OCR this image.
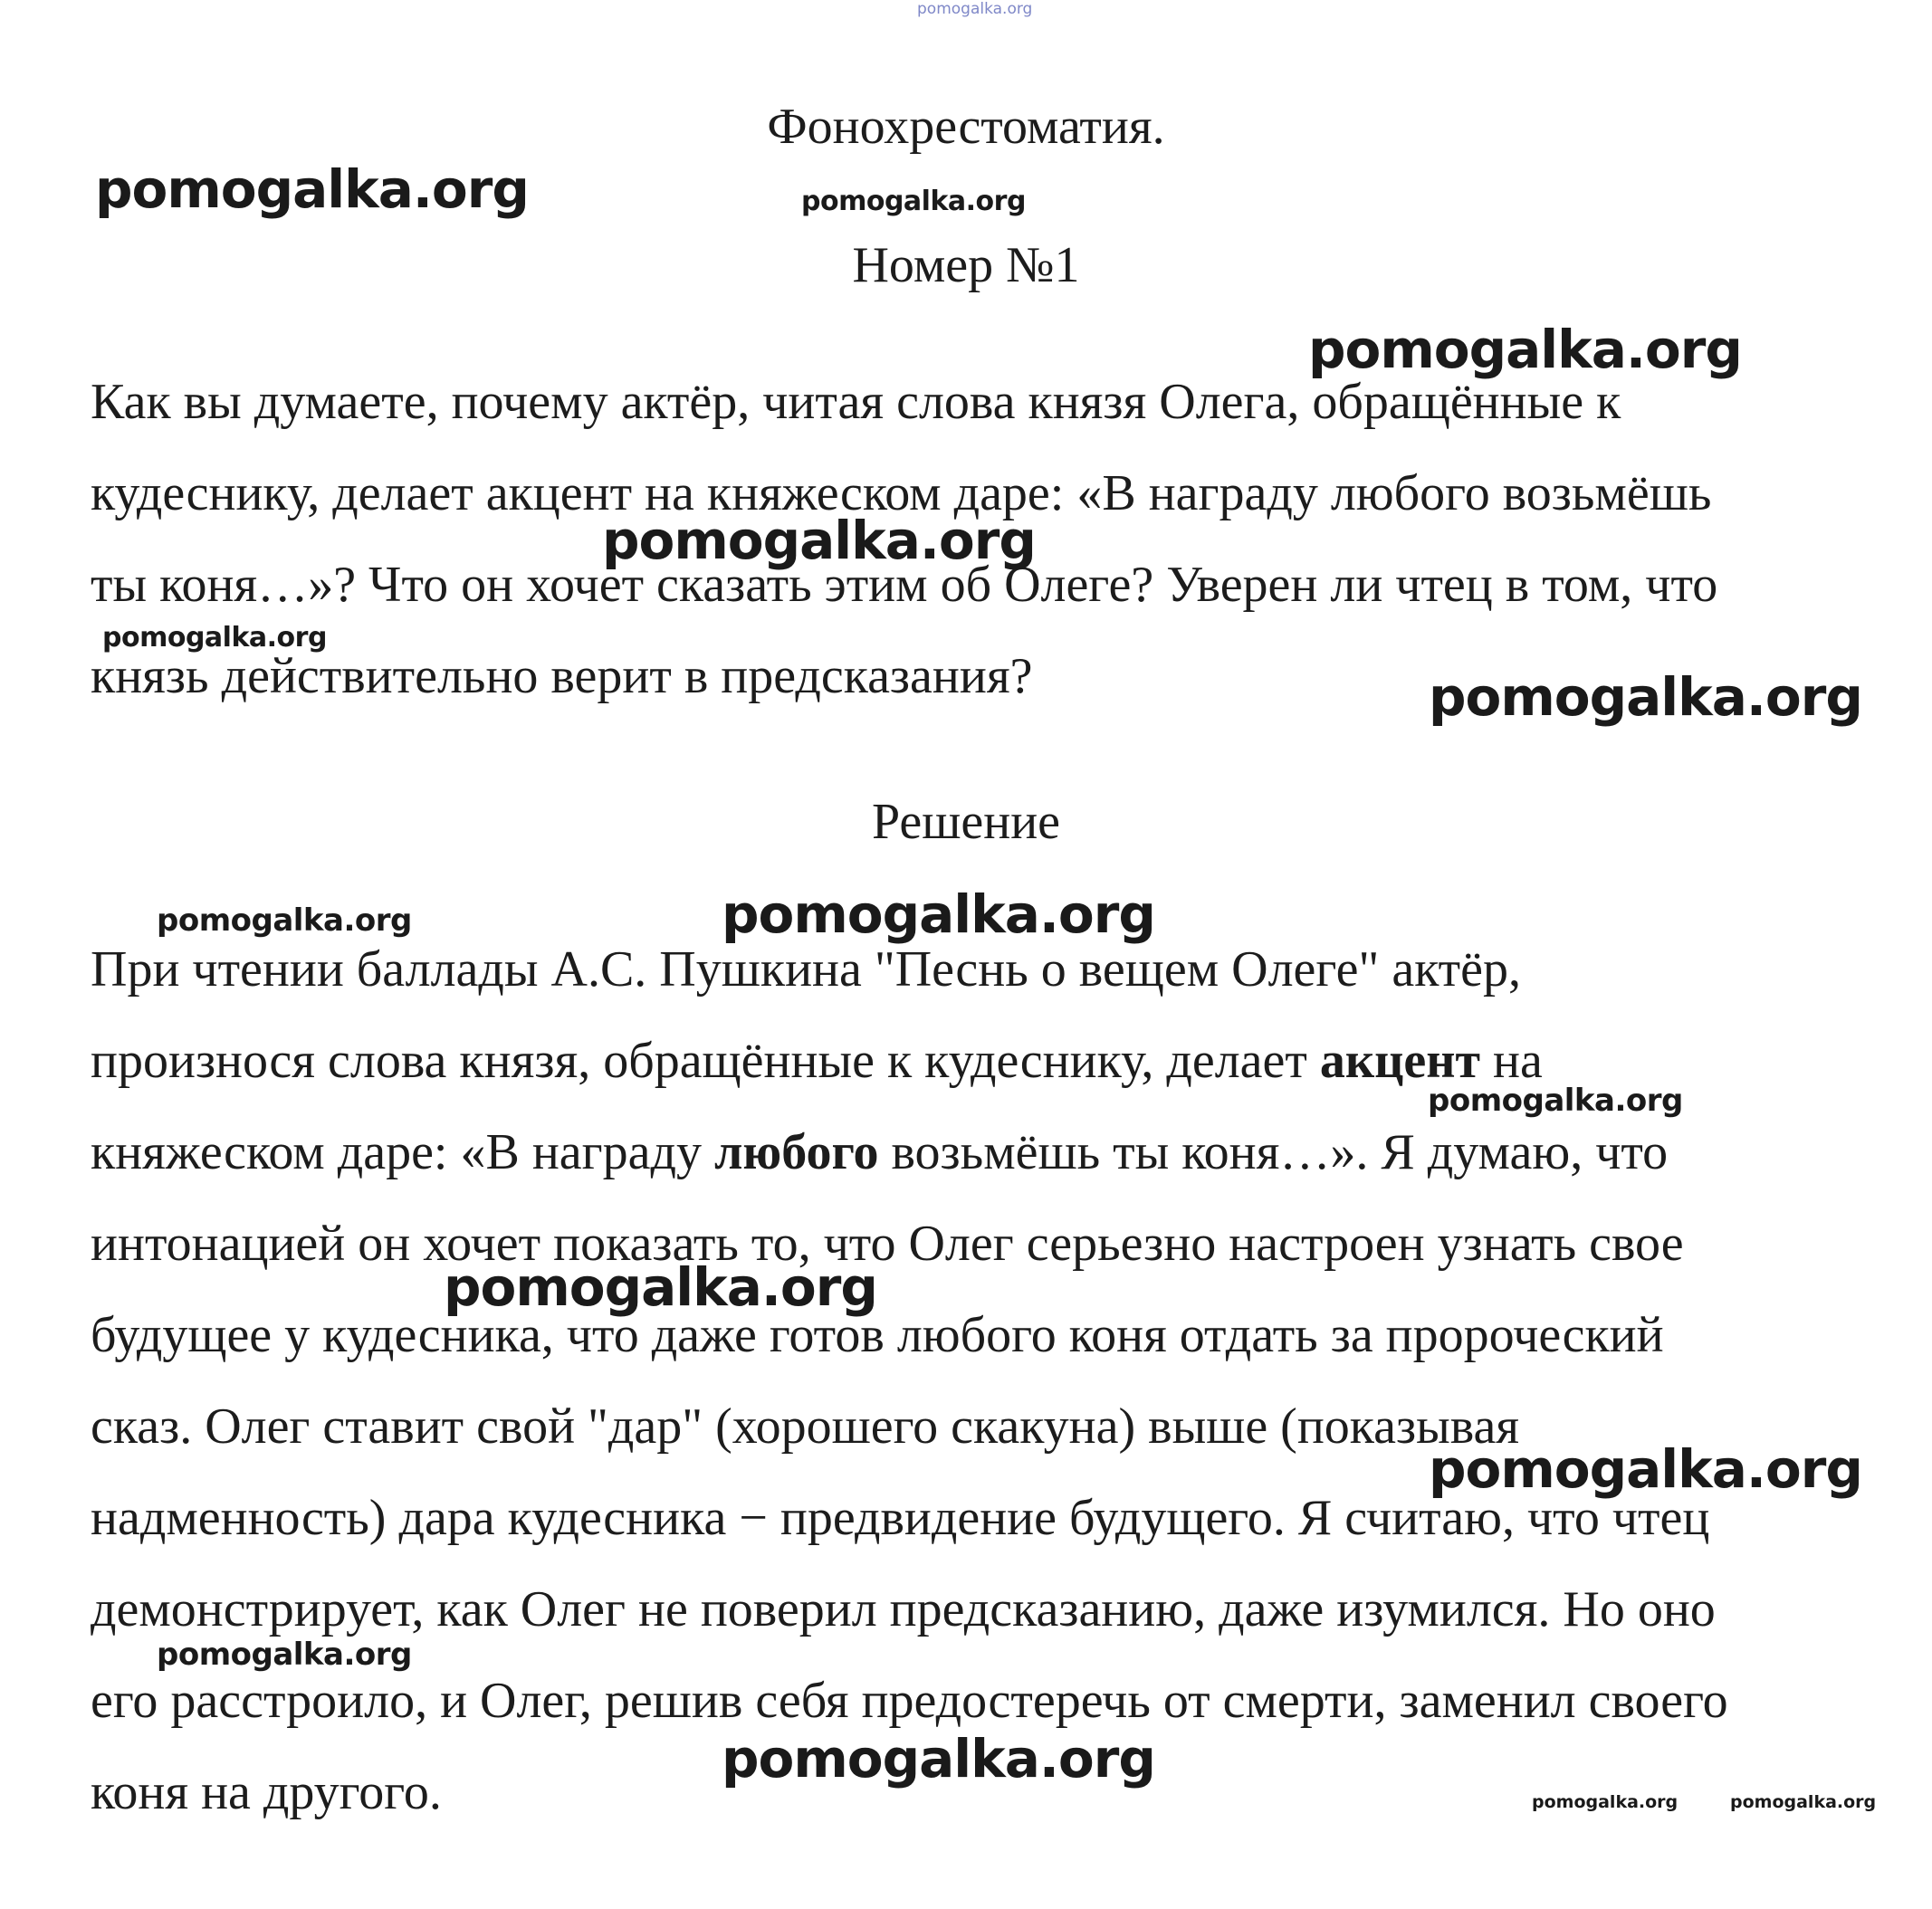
pomogalka.org
Фонохрестоматия.
pomogalka.org	pomogalka.org
Номер №1
pomogalka.org
Как вы думаете, почему актёр, читая слова князя Олега, обращённые к
кудеснику, делает акцент на княжеском даре: «В награду любого возьмёшь
ты коня…»? Что он хочет сказать этим об Олеге? Уверен ли чтец в том, что
князь действительно верит в предсказания?
pomogalka.org
pomogalka.org
pomogalka.org
Решение
pomogalka.org	pomogalka.org
При чтении баллады А.С. Пушкина "Песнь о вещем Олеге" актёр,
произнося слова князя, обращённые к кудеснику, делает акцент на
княжеском даре: «В награду любого возьмёшь ты коня…». Я думаю, что
интонацией он хочет показать то, что Олег серьезно настроен узнать свое
будущее у кудесника, что даже готов любого коня отдать за пророческий
сказ. Олег ставит свой "дар" (хорошего скакуна) выше (показывая
надменность) дара кудесника − предвидение будущего. Я считаю, что чтец
демонстрирует, как Олег не поверил предсказанию, даже изумился. Но оно
его расстроило, и Олег, решив себя предостеречь от смерти, заменил своего
коня на другого.
pomogalka.org
pomogalka.org
pomogalka.org
pomogalka.org
pomogalka.org
pomogalka.org	pomogalka.org
